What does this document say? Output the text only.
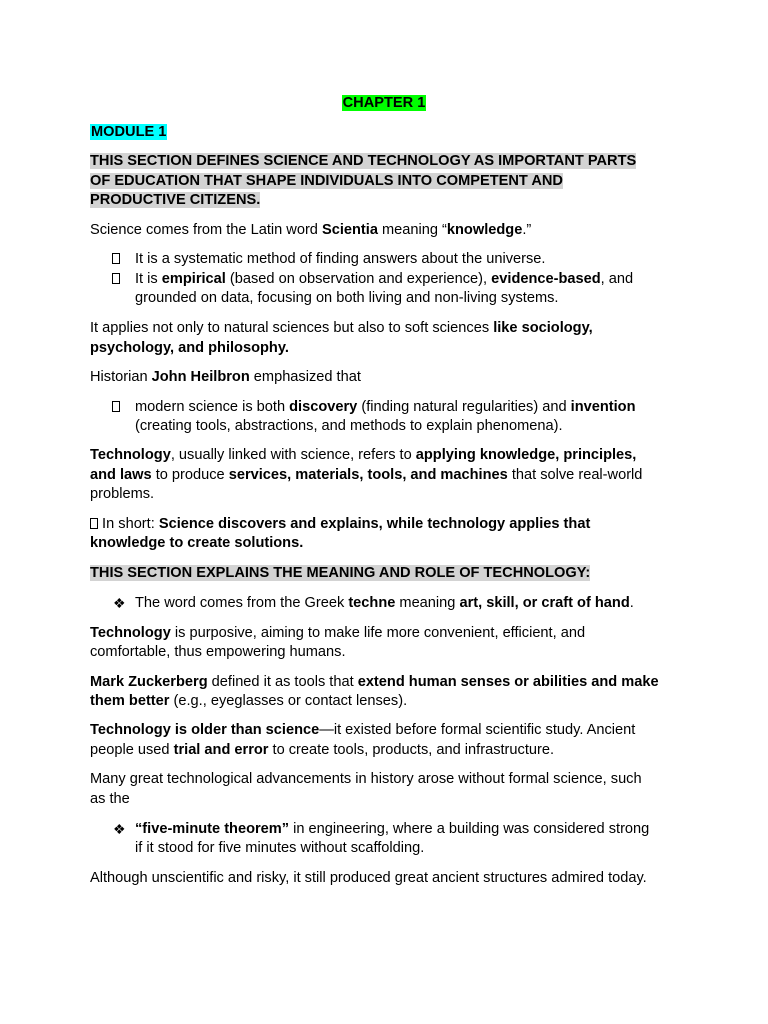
CHAPTER 1
MODULE 1
THIS SECTION DEFINES SCIENCE AND TECHNOLOGY AS IMPORTANT PARTS
OF EDUCATION THAT SHAPE INDIVIDUALS INTO COMPETENT AND
PRODUCTIVE CITIZENS.
Science comes from the Latin word Scientia meaning “knowledge.”
It is a systematic method of finding answers about the universe.
It is empirical (based on observation and experience), evidence-based, and
grounded on data, focusing on both living and non-living systems.
It applies not only to natural sciences but also to soft sciences like sociology,
psychology, and philosophy.
Historian John Heilbron emphasized that
modern science is both discovery (finding natural regularities) and invention
(creating tools, abstractions, and methods to explain phenomena).
Technology, usually linked with science, refers to applying knowledge, principles,
and laws to produce services, materials, tools, and machines that solve real-world
problems.
In short: Science discovers and explains, while technology applies that
knowledge to create solutions.
THIS SECTION EXPLAINS THE MEANING AND ROLE OF TECHNOLOGY:
❖ The word comes from the Greek techne meaning art, skill, or craft of hand.
Technology is purposive, aiming to make life more convenient, efficient, and
comfortable, thus empowering humans.
Mark Zuckerberg defined it as tools that extend human senses or abilities and make
them better (e.g., eyeglasses or contact lenses).
Technology is older than science—it existed before formal scientific study. Ancient
people used trial and error to create tools, products, and infrastructure.
Many great technological advancements in history arose without formal science, such
as the
❖ “five-minute theorem” in engineering, where a building was considered strong
if it stood for five minutes without scaffolding.
Although unscientific and risky, it still produced great ancient structures admired today.
